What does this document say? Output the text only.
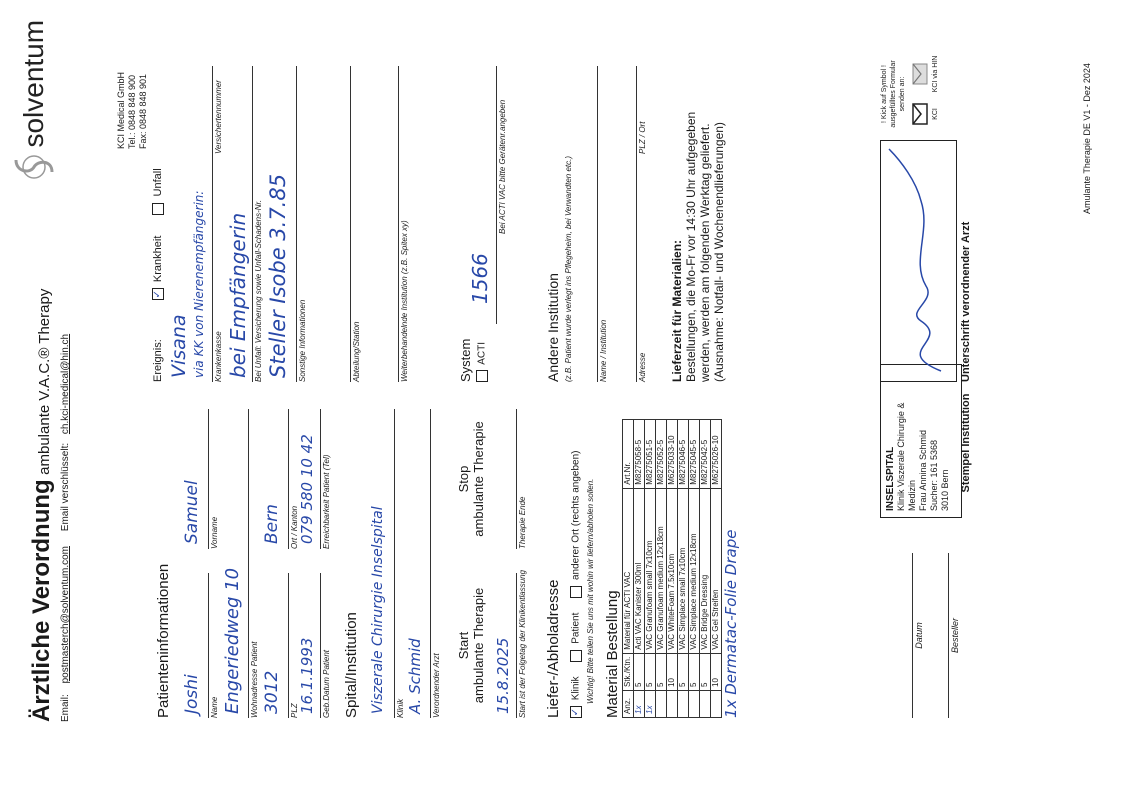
Ärztliche Verordnung ambulante V.A.C.® Therapy
Email: postmasterch@solventum.com Email verschlüsselt: ch.kci-medical@hin.ch
solventum	KCI Medical GmbH Tel.: 0848 848 900 Fax: 0848 848 901
Patienteninformationen Joshi Name
Samuel Vorname
Engeriedweg 10 Wohnadresse Patient 3012 PLZ
Bern Ort / Kanton
16.1.1993 Geb.Datum Patient
079 580 10 42 Erreichbarkeit Patient (Tel)
Ereignis: ✓ Krankheit  Unfall
Visana via KK von Nierenempfängerin: Krankenkasse
Versichertennummer
bei Empfängerin Bei Unfall: Versicherung sowie Unfall-Schadens-Nr. Steller Isobe 3.7.85 Sonstige Informationen
Spital/Institution Viszerale Chirurgie Inselspital Klinik A. Schmid Verordnender Arzt
Abteilung/Station	Weiterbehandelnde Institution (z.B. Spitex xy)
Start ambulante Therapie 15.8.2025 Start ist der Folgetag der Klinikentlassung
Stop ambulante Therapie	Therapie Ende
System ACTI
1566
Bei ACTI VAC bitte Gerätenr.angeben
Liefer-/Abholadresse ✓ Klinik  Patient  anderer Ort (rechts angeben) Wichtig! Bitte teilen Sie uns mit wohin wir liefern/abholen sollen.
Andere Institution (z.B. Patient wurde verlegt ins Pflegeheim, bei Verwandten etc.)	Name / Institution	Adresse
PLZ / Ort
Material Bestellung Anz.	Stk./Ktn.	Material für ACTI VAC	Art.Nr.
1x	5	Acti VAC Kanister 300ml	M8275058-5
1x	5	VAC Granufoam small 7x10cm	M8275051-5
	5	VAC Granufoam medium 12x18cm	M8275052-5
	10	VAC WhiteFoam 7.5x10cm	M6275033-10
	5	VAC Simplace small 7x10cm	M8275046-5
	5	VAC Simplace medium 12x18cm	M8275045-5
	5	VAC Bridge Dressing	M8275042-5
	10	VAC Gel Streifen	M6275026-10
1x Dermatac-Folie Drape
Lieferzeit für Materialien: Bestellungen, die Mo-Fr vor 14:30 Uhr aufgegeben werden, werden am folgenden Werktag geliefert. (Ausnahme: Notfall- und Wochenendlieferungen)
INSELSPITAL Klinik Viszerale Chirurgie & Medizin Frau Annina Schmid Sucher: 161 5368 3010 Bern Stempel Institution
Unterschrift verordnender Arzt
Datum	Besteller
! Kick auf Symbol ! ausgefülltes Formular senden an:
KCI
KCI via HIN	Amulante Therapie DE V1 - Dez 2024
